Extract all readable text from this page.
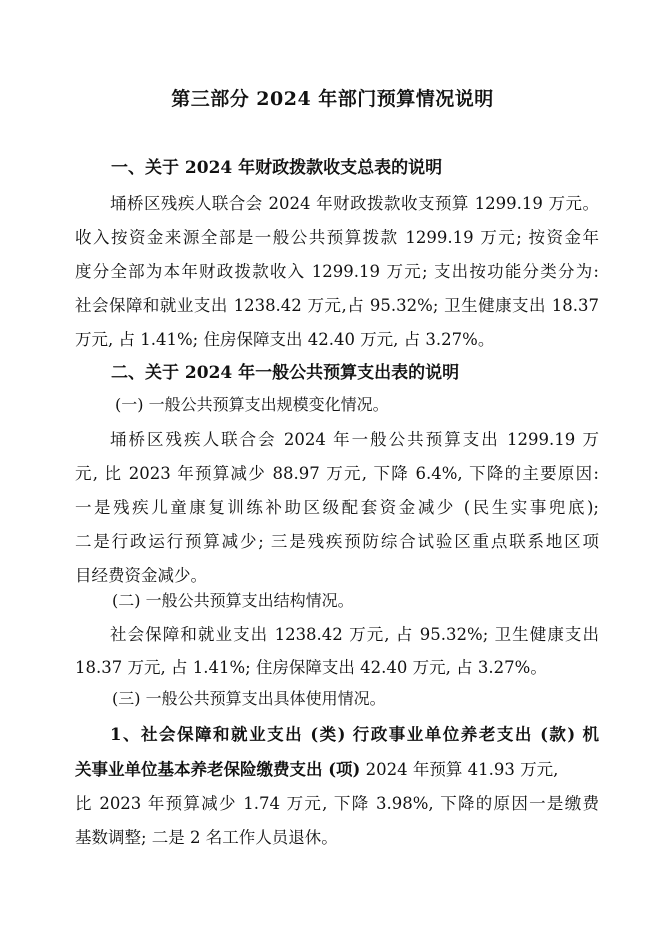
第三部分 2024 年部门预算情况说明
一、关于 2024 年财政拨款收支总表的说明
埇桥区残疾人联合会 2024 年财政拨款收支预算 1299.19 万元。
收入按资金来源全部是一般公共预算拨款 1299.19 万元; 按资金年
度分全部为本年财政拨款收入 1299.19 万元; 支出按功能分类分为:
社会保障和就业支出 1238.42 万元,占 95.32%; 卫生健康支出 18.37
万元, 占 1.41%; 住房保障支出 42.40 万元, 占 3.27%。
二、关于 2024 年一般公共预算支出表的说明
(一) 一般公共预算支出规模变化情况。
埇桥区残疾人联合会 2024 年一般公共预算支出 1299.19 万
元, 比 2023 年预算减少 88.97 万元, 下降 6.4%, 下降的主要原因:
一是残疾儿童康复训练补助区级配套资金减少 (民生实事兜底);
二是行政运行预算减少; 三是残疾预防综合试验区重点联系地区项
目经费资金减少。
(二) 一般公共预算支出结构情况。
社会保障和就业支出 1238.42 万元, 占 95.32%; 卫生健康支出
18.37 万元, 占 1.41%; 住房保障支出 42.40 万元, 占 3.27%。
(三) 一般公共预算支出具体使用情况。
1、社会保障和就业支出 (类) 行政事业单位养老支出 (款) 机
关事业单位基本养老保险缴费支出 (项) 2024 年预算 41.93 万元,
比 2023 年预算减少 1.74 万元, 下降 3.98%, 下降的原因一是缴费
基数调整; 二是 2 名工作人员退休。
